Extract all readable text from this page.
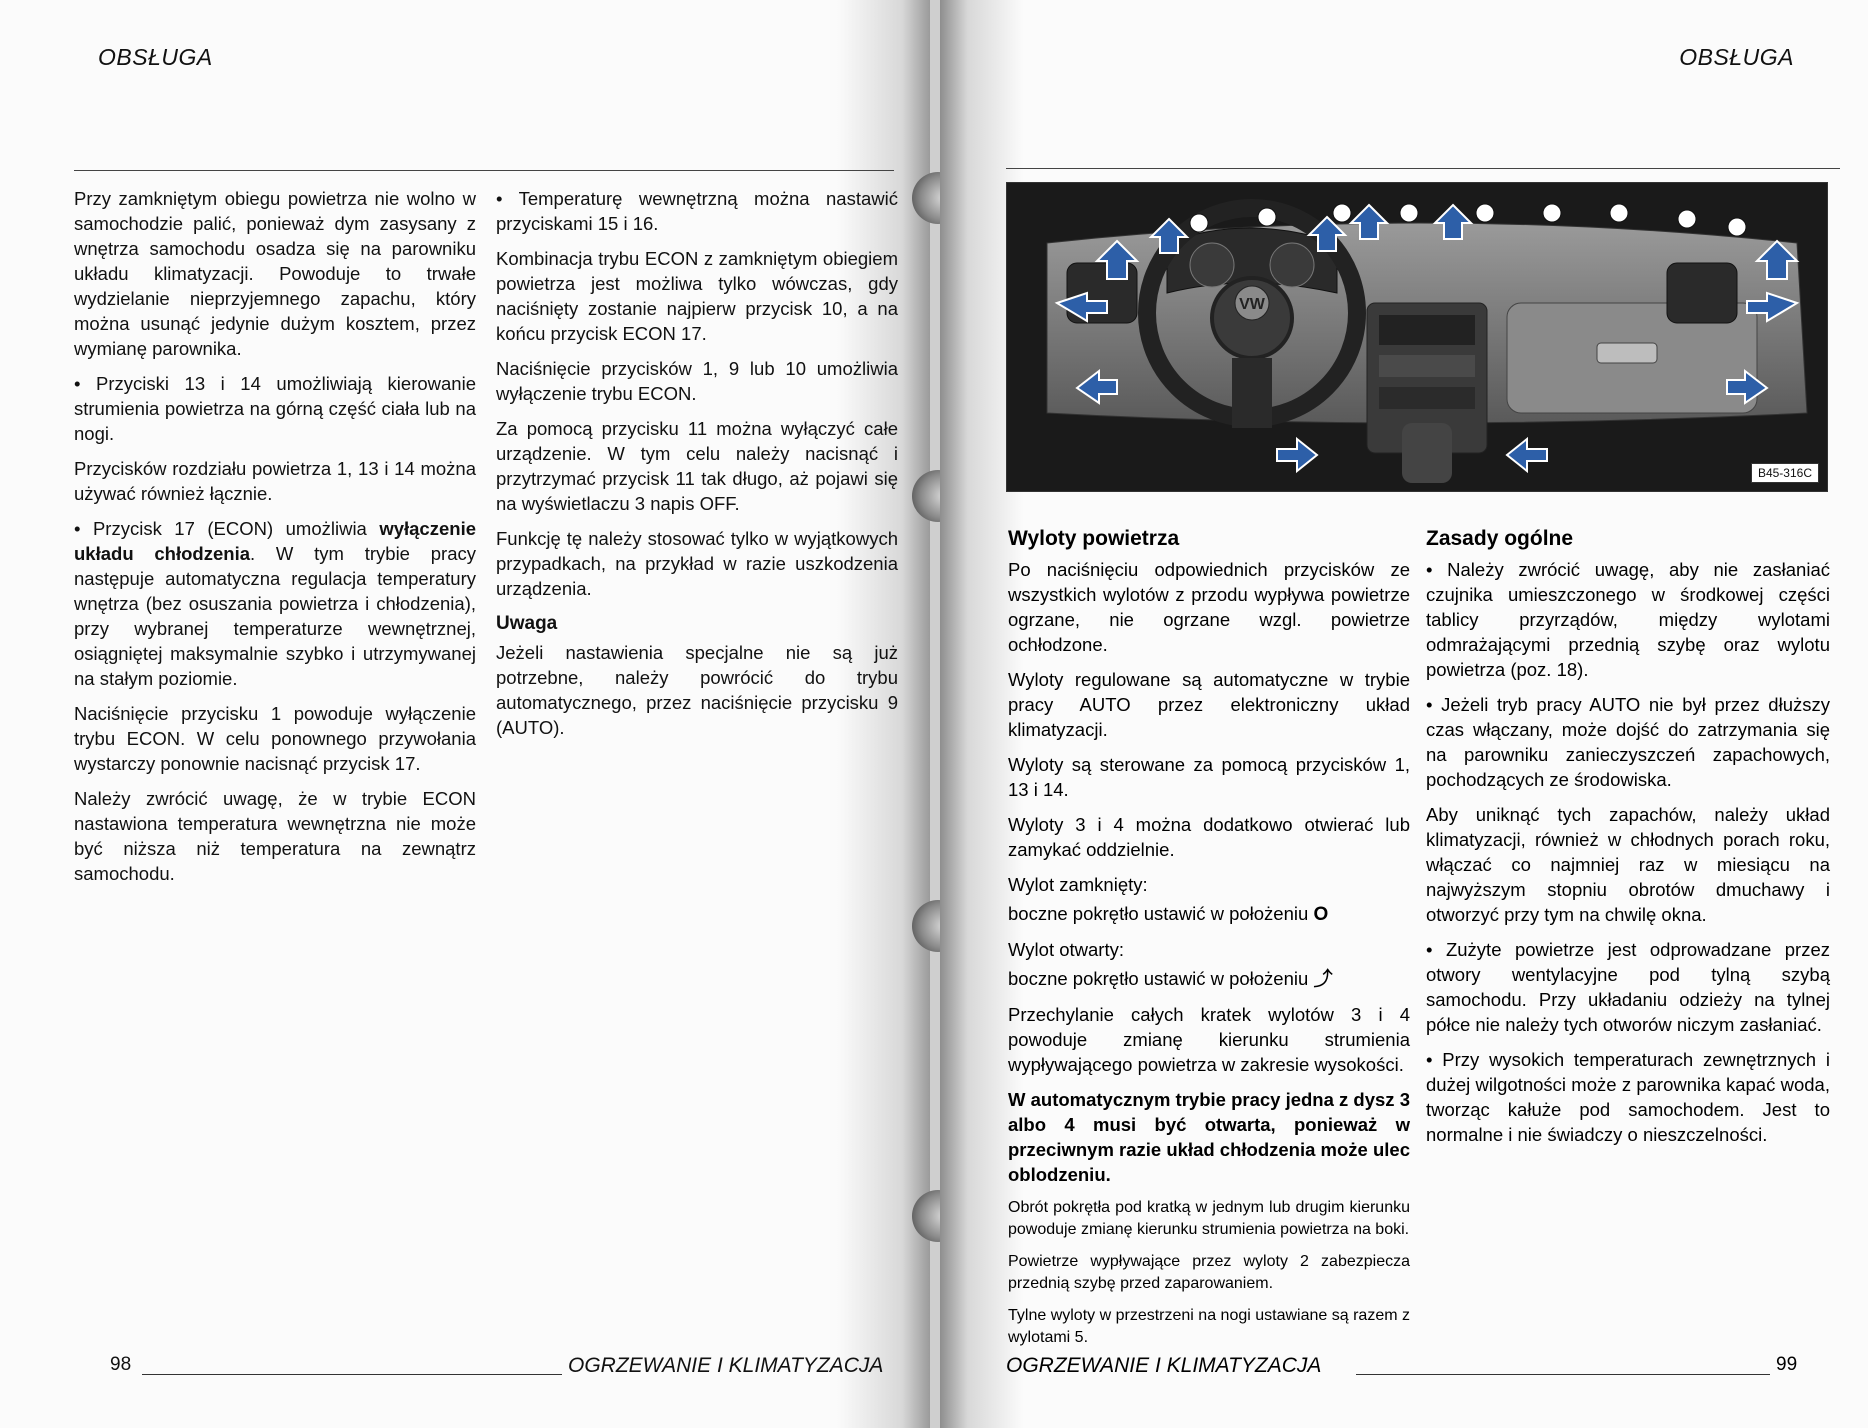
OBSŁUGA

Przy zamkniętym obiegu powietrza nie wolno w samochodzie palić, ponieważ dym zasysany z wnętrza samochodu osadza się na parowniku układu klimatyzacji. Powoduje to trwałe wydzielanie nieprzyjemnego zapachu, który można usunąć jedynie dużym kosztem, przez wymianę parownika.

• Przyciski 13 i 14 umożliwiają kierowanie strumienia powietrza na górną część ciała lub na nogi.

Przycisków rozdziału powietrza 1, 13 i 14 można używać również łącznie.

• Przycisk 17 (ECON) umożliwia wyłączenie układu chłodzenia. W tym trybie pracy następuje automatyczna regulacja temperatury wnętrza (bez osuszania powietrza i chłodzenia), przy wybranej temperaturze wewnętrznej, osiągniętej maksymalnie szybko i utrzymywanej na stałym poziomie.

Naciśnięcie przycisku 1 powoduje wyłączenie trybu ECON. W celu ponownego przywołania wystarczy ponownie nacisnąć przycisk 17.

Należy zwrócić uwagę, że w trybie ECON nastawiona temperatura wewnętrzna nie może być niższa niż temperatura na zewnątrz samochodu.

• Temperaturę wewnętrzną można nastawić przyciskami 15 i 16.

Kombinacja trybu ECON z zamkniętym obiegiem powietrza jest możliwa tylko wówczas, gdy naciśnięty zostanie najpierw przycisk 10, a na końcu przycisk ECON 17.

Naciśnięcie przycisków 1, 9 lub 10 umożliwia wyłączenie trybu ECON.

Za pomocą przycisku 11 można wyłączyć całe urządzenie. W tym celu należy nacisnąć i przytrzymać przycisk 11 tak długo, aż pojawi się na wyświetlaczu 3 napis OFF.

Funkcję tę należy stosować tylko w wyjątkowych przypadkach, na przykład w razie uszkodzenia urządzenia.

Uwaga

Jeżeli nastawienia specjalne nie są już potrzebne, należy powrócić do trybu automatycznego, przez naciśnięcie przycisku 9 (AUTO).

98	OGRZEWANIE I KLIMATYZACJA
OBSŁUGA
VW
B45-316C
Wyloty powietrza

Po naciśnięciu odpowiednich przycisków ze wszystkich wylotów z przodu wypływa powietrze ogrzane, nie ogrzane wzgl. powietrze ochłodzone.

Wyloty regulowane są automatyczne w trybie pracy AUTO przez elektroniczny układ klimatyzacji.

Wyloty są sterowane za pomocą przycisków 1, 13 i 14.

Wyloty 3 i 4 można dodatkowo otwierać lub zamykać oddzielnie.

Wylot zamknięty:

boczne pokrętło ustawić w położeniu O

Wylot otwarty:

boczne pokrętło ustawić w położeniu ⤴

Przechylanie całych kratek wylotów 3 i 4 powoduje zmianę kierunku strumienia wypływającego powietrza w zakresie wysokości.

W automatycznym trybie pracy jedna z dysz 3 albo 4 musi być otwarta, ponieważ w przeciwnym razie układ chłodzenia może ulec oblodzeniu.

Obrót pokrętła pod kratką w jednym lub drugim kierunku powoduje zmianę kierunku strumienia powietrza na boki.

Powietrze wypływające przez wyloty 2 zabezpiecza przednią szybę przed zaparowaniem.

Tylne wyloty w przestrzeni na nogi ustawiane są razem z wylotami 5.

Zasady ogólne

• Należy zwrócić uwagę, aby nie zasłaniać czujnika umieszczonego w środkowej części tablicy przyrządów, między wylotami odmrażającymi przednią szybę oraz wylotu powietrza (poz. 18).

• Jeżeli tryb pracy AUTO nie był przez dłuższy czas włączany, może dojść do zatrzymania się na parowniku zanieczyszczeń zapachowych, pochodzących ze środowiska.

Aby uniknąć tych zapachów, należy układ klimatyzacji, również w chłodnych porach roku, włączać co najmniej raz w miesiącu na najwyższym stopniu obrotów dmuchawy i otworzyć przy tym na chwilę okna.

• Zużyte powietrze jest odprowadzane przez otwory wentylacyjne pod tylną szybą samochodu. Przy układaniu odzieży na tylnej półce nie należy tych otworów niczym zasłaniać.

• Przy wysokich temperaturach zewnętrznych i dużej wilgotności może z parownika kapać woda, tworząc kałuże pod samochodem. Jest to normalne i nie świadczy o nieszczelności.

OGRZEWANIE I KLIMATYZACJA	99
